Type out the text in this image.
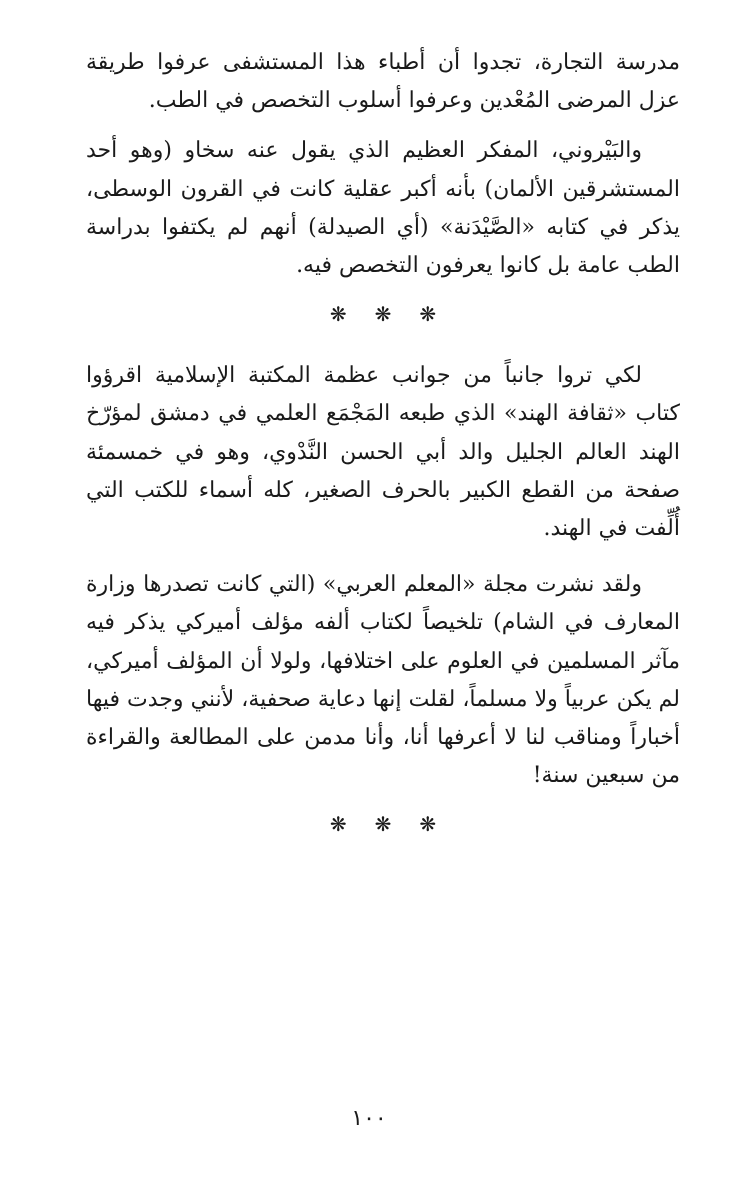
مدرسة التجارة، تجدوا أن أطباء هذا المستشفى عرفوا طريقة عزل المرضى المُعْدين وعرفوا أسلوب التخصص في الطب.

والبَيْروني، المفكر العظيم الذي يقول عنه سخاو (وهو أحد المستشرقين الألمان) بأنه أكبر عقلية كانت في القرون الوسطى، يذكر في كتابه «الصَّيْدَنة» (أي الصيدلة) أنهم لم يكتفوا بدراسة الطب عامة بل كانوا يعرفون التخصص فيه.

❋ ❋ ❋

لكي تروا جانباً من جوانب عظمة المكتبة الإسلامية اقرؤوا كتاب «ثقافة الهند» الذي طبعه المَجْمَع العلمي في دمشق لمؤرّخ الهند العالم الجليل والد أبي الحسن النَّدْوي، وهو في خمسمئة صفحة من القطع الكبير بالحرف الصغير، كله أسماء للكتب التي أُلِّفت في الهند.

ولقد نشرت مجلة «المعلم العربي» (التي كانت تصدرها وزارة المعارف في الشام) تلخيصاً لكتاب ألفه مؤلف أميركي يذكر فيه مآثر المسلمين في العلوم على اختلافها، ولولا أن المؤلف أميركي، لم يكن عربياً ولا مسلماً، لقلت إنها دعاية صحفية، لأنني وجدت فيها أخباراً ومناقب لنا لا أعرفها أنا، وأنا مدمن على المطالعة والقراءة من سبعين سنة!

❋ ❋ ❋
١٠٠
